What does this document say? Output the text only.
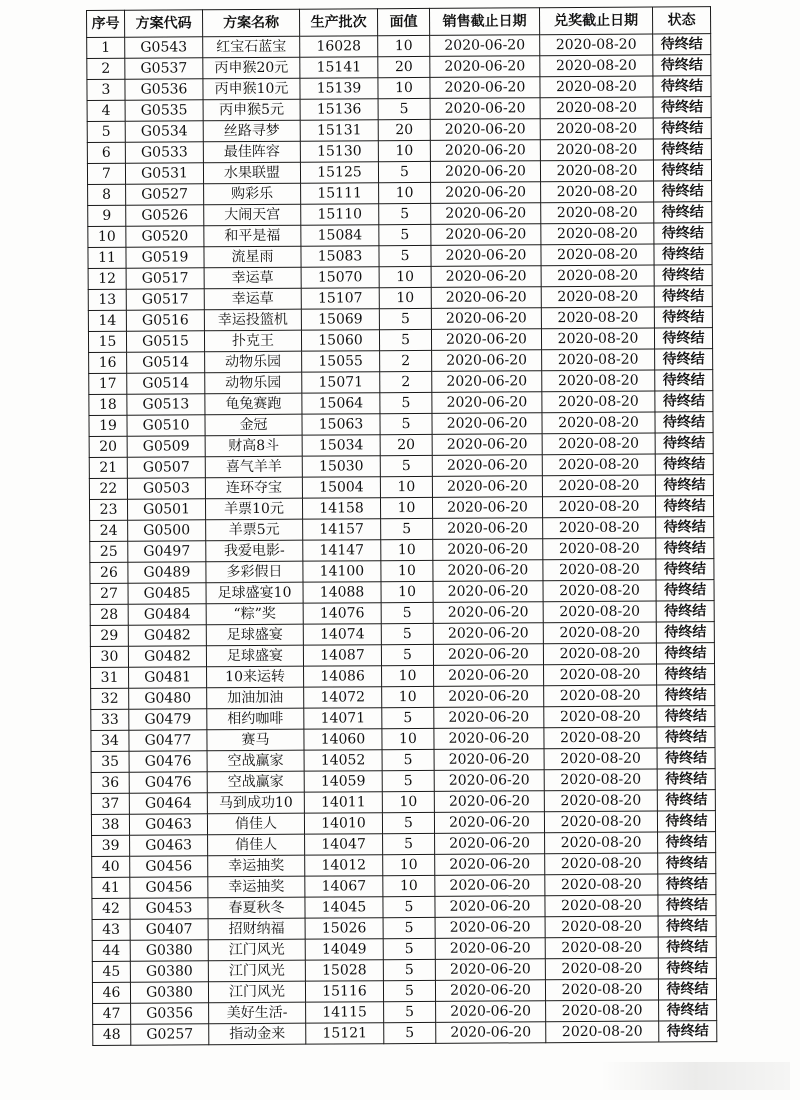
序号	方案代码	方案名称	生产批次	面值	销售截止日期	兑奖截止日期	状态
1	G0543	红宝石蓝宝	16028	10	2020-06-20	2020-08-20	待终结
2	G0537	丙申猴20元	15141	20	2020-06-20	2020-08-20	待终结
3	G0536	丙申猴10元	15139	10	2020-06-20	2020-08-20	待终结
4	G0535	丙申猴5元	15136	5	2020-06-20	2020-08-20	待终结
5	G0534	丝路寻梦	15131	20	2020-06-20	2020-08-20	待终结
6	G0533	最佳阵容	15130	10	2020-06-20	2020-08-20	待终结
7	G0531	水果联盟	15125	5	2020-06-20	2020-08-20	待终结
8	G0527	购彩乐	15111	10	2020-06-20	2020-08-20	待终结
9	G0526	大闹天宫	15110	5	2020-06-20	2020-08-20	待终结
10	G0520	和平是福	15084	5	2020-06-20	2020-08-20	待终结
11	G0519	流星雨	15083	5	2020-06-20	2020-08-20	待终结
12	G0517	幸运草	15070	10	2020-06-20	2020-08-20	待终结
13	G0517	幸运草	15107	10	2020-06-20	2020-08-20	待终结
14	G0516	幸运投篮机	15069	5	2020-06-20	2020-08-20	待终结
15	G0515	扑克王	15060	5	2020-06-20	2020-08-20	待终结
16	G0514	动物乐园	15055	2	2020-06-20	2020-08-20	待终结
17	G0514	动物乐园	15071	2	2020-06-20	2020-08-20	待终结
18	G0513	龟兔赛跑	15064	5	2020-06-20	2020-08-20	待终结
19	G0510	金冠	15063	5	2020-06-20	2020-08-20	待终结
20	G0509	财高8斗	15034	20	2020-06-20	2020-08-20	待终结
21	G0507	喜气羊羊	15030	5	2020-06-20	2020-08-20	待终结
22	G0503	连环夺宝	15004	10	2020-06-20	2020-08-20	待终结
23	G0501	羊票10元	14158	10	2020-06-20	2020-08-20	待终结
24	G0500	羊票5元	14157	5	2020-06-20	2020-08-20	待终结
25	G0497	我爱电影-	14147	10	2020-06-20	2020-08-20	待终结
26	G0489	多彩假日	14100	10	2020-06-20	2020-08-20	待终结
27	G0485	足球盛宴10	14088	10	2020-06-20	2020-08-20	待终结
28	G0484	“粽”奖	14076	5	2020-06-20	2020-08-20	待终结
29	G0482	足球盛宴	14074	5	2020-06-20	2020-08-20	待终结
30	G0482	足球盛宴	14087	5	2020-06-20	2020-08-20	待终结
31	G0481	10来运转	14086	10	2020-06-20	2020-08-20	待终结
32	G0480	加油加油	14072	10	2020-06-20	2020-08-20	待终结
33	G0479	相约咖啡	14071	5	2020-06-20	2020-08-20	待终结
34	G0477	赛马	14060	10	2020-06-20	2020-08-20	待终结
35	G0476	空战赢家	14052	5	2020-06-20	2020-08-20	待终结
36	G0476	空战赢家	14059	5	2020-06-20	2020-08-20	待终结
37	G0464	马到成功10	14011	10	2020-06-20	2020-08-20	待终结
38	G0463	俏佳人	14010	5	2020-06-20	2020-08-20	待终结
39	G0463	俏佳人	14047	5	2020-06-20	2020-08-20	待终结
40	G0456	幸运抽奖	14012	10	2020-06-20	2020-08-20	待终结
41	G0456	幸运抽奖	14067	10	2020-06-20	2020-08-20	待终结
42	G0453	春夏秋冬	14045	5	2020-06-20	2020-08-20	待终结
43	G0407	招财纳福	15026	5	2020-06-20	2020-08-20	待终结
44	G0380	江门风光	14049	5	2020-06-20	2020-08-20	待终结
45	G0380	江门风光	15028	5	2020-06-20	2020-08-20	待终结
46	G0380	江门风光	15116	5	2020-06-20	2020-08-20	待终结
47	G0356	美好生活-	14115	5	2020-06-20	2020-08-20	待终结
48	G0257	指动金来	15121	5	2020-06-20	2020-08-20	待终结
